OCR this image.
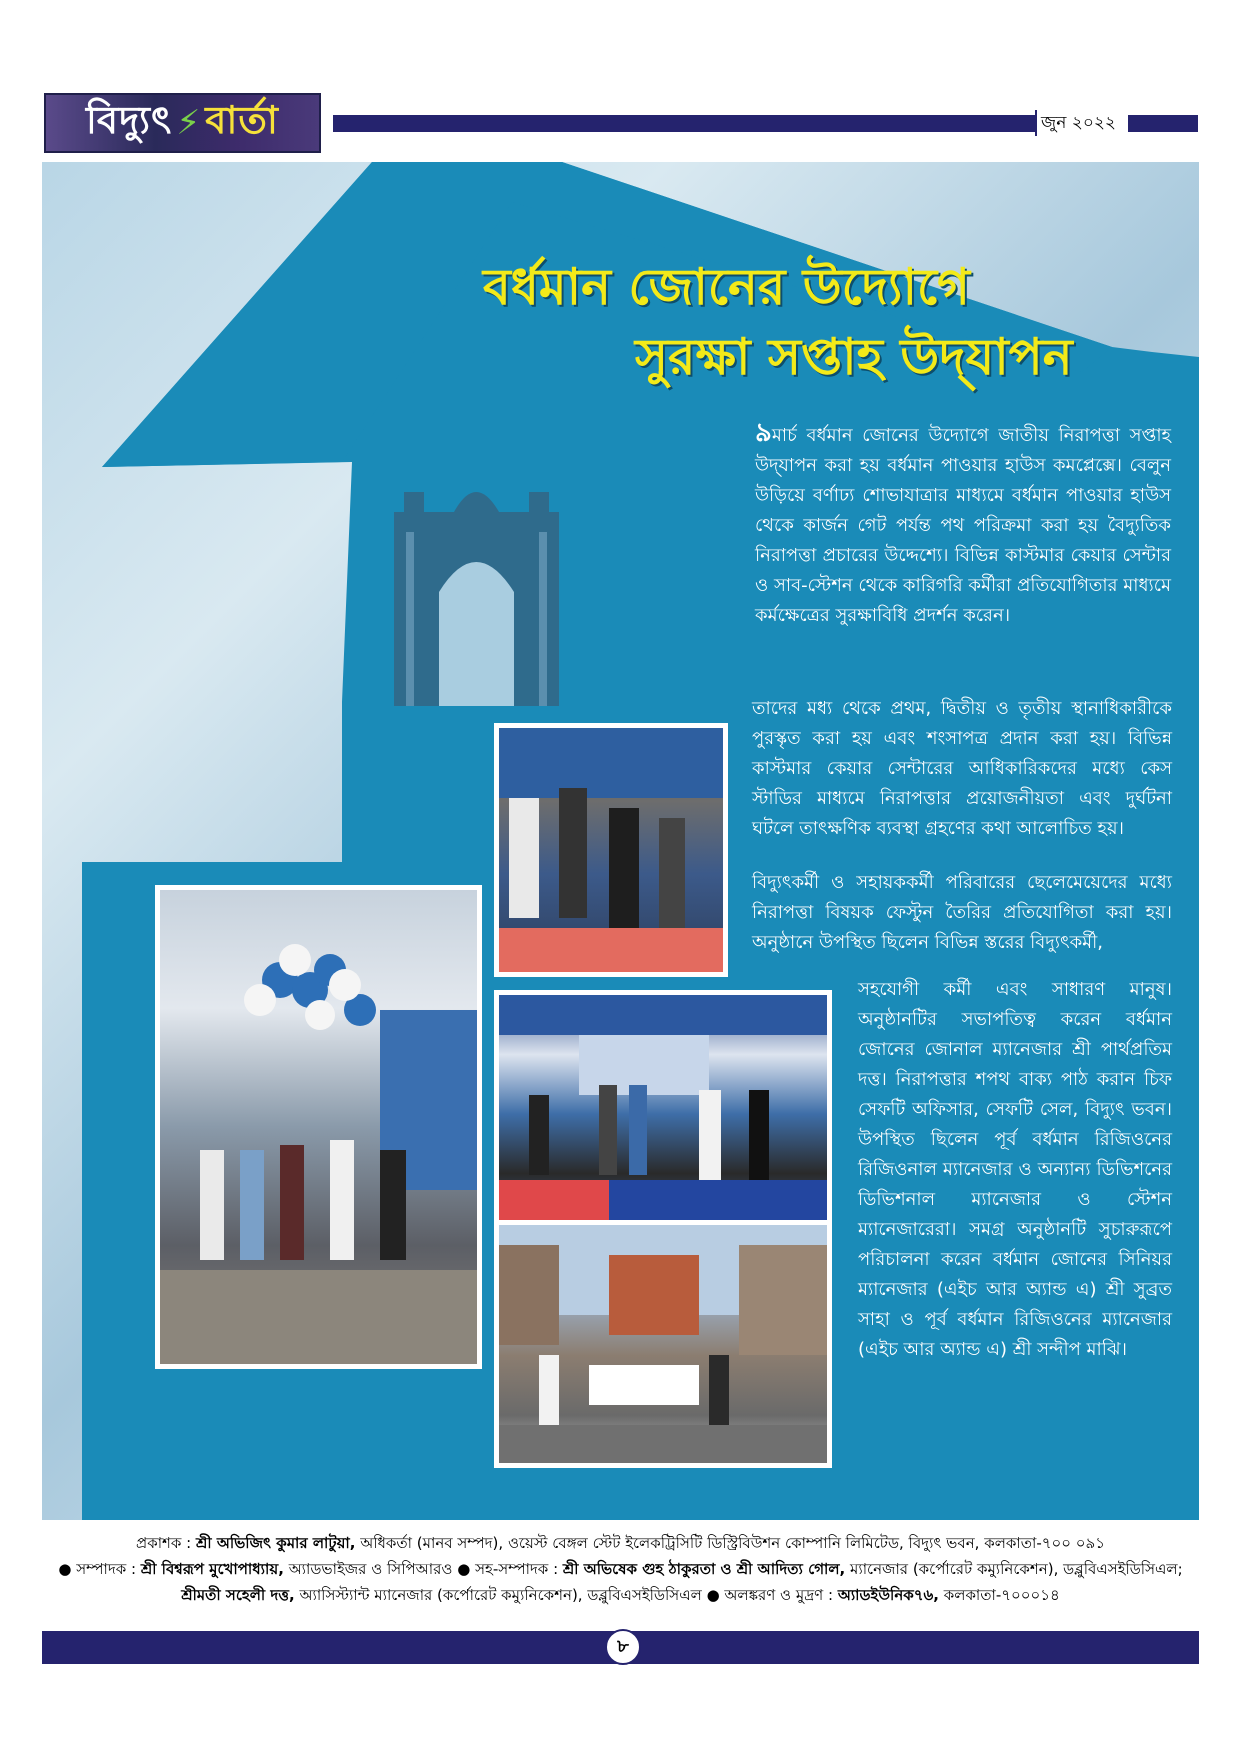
বিদ্যুৎ ⚡ বার্তা	জুন ২০২২
বর্ধমান জোনের উদ্যোগে
সুরক্ষা সপ্তাহ উদ্‌যাপন
৯মার্চ বর্ধমান জোনের উদ্যোগে জাতীয় নিরাপত্তা সপ্তাহ উদ্‌যাপন করা হয় বর্ধমান পাওয়ার হাউস কমপ্লেক্সে। বেলুন উড়িয়ে বর্ণাঢ্য শোভাযাত্রার মাধ্যমে বর্ধমান পাওয়ার হাউস থেকে কার্জন গেট পর্যন্ত পথ পরিক্রমা করা হয় বৈদ্যুতিক নিরাপত্তা প্রচারের উদ্দেশ্যে। বিভিন্ন কাস্টমার কেয়ার সেন্টার ও সাব-স্টেশন থেকে কারিগরি কর্মীরা প্রতিযোগিতার মাধ্যমে কর্মক্ষেত্রের সুরক্ষাবিধি প্রদর্শন করেন।
তাদের মধ্য থেকে প্রথম, দ্বিতীয় ও তৃতীয় স্থানাধিকারীকে পুরস্কৃত করা হয় এবং শংসাপত্র প্রদান করা হয়। বিভিন্ন কাস্টমার কেয়ার সেন্টারের আধিকারিকদের মধ্যে কেস স্টাডির মাধ্যমে নিরাপত্তার প্রয়োজনীয়তা এবং দুর্ঘটনা ঘটলে তাৎক্ষণিক ব্যবস্থা গ্রহণের কথা আলোচিত হয়।
বিদ্যুৎকর্মী ও সহায়ককর্মী পরিবারের ছেলেমেয়েদের মধ্যে নিরাপত্তা বিষয়ক ফেস্টুন তৈরির প্রতিযোগিতা করা হয়। অনুষ্ঠানে উপস্থিত ছিলেন বিভিন্ন স্তরের বিদ্যুৎকর্মী,
সহযোগী কর্মী এবং সাধারণ মানুষ। অনুষ্ঠানটির সভাপতিত্ব করেন বর্ধমান জোনের জোনাল ম্যানেজার শ্রী পার্থপ্রতিম দত্ত। নিরাপত্তার শপথ বাক্য পাঠ করান চিফ সেফটি অফিসার, সেফটি সেল, বিদ্যুৎ ভবন। উপস্থিত ছিলেন পূর্ব বর্ধমান রিজিওনের রিজিওনাল ম্যানেজার ও অন্যান্য ডিভিশনের ডিভিশনাল ম্যানেজার ও স্টেশন ম্যানেজারেরা। সমগ্র অনুষ্ঠানটি সুচারুরূপে পরিচালনা করেন বর্ধমান জোনের সিনিয়র ম্যানেজার (এইচ আর অ্যান্ড এ) শ্রী সুব্রত সাহা ও পূর্ব বর্ধমান রিজিওনের ম্যানেজার (এইচ আর অ্যান্ড এ) শ্রী সন্দীপ মাঝি।
প্রকাশক : শ্রী অভিজিৎ কুমার লাটুয়া, অধিকর্তা (মানব সম্পদ), ওয়েস্ট বেঙ্গল স্টেট ইলেকট্রিসিটি ডিস্ট্রিবিউশন কোম্পানি লিমিটেড, বিদ্যুৎ ভবন, কলকাতা-৭০০ ০৯১
● সম্পাদক : শ্রী বিশ্বরূপ মুখোপাধ্যায়, অ্যাডভাইজর ও সিপিআরও ● সহ-সম্পাদক : শ্রী অভিষেক গুহ ঠাকুরতা ও শ্রী আদিত্য গোল, ম্যানেজার (কর্পোরেট কম্যুনিকেশন), ডব্লুবিএসইডিসিএল;
শ্রীমতী সহেলী দত্ত, অ্যাসিস্ট্যান্ট ম্যানেজার (কর্পোরেট কম্যুনিকেশন), ডব্লুবিএসইডিসিএল ● অলঙ্করণ ও মুদ্রণ : অ্যাডইউনিক৭৬, কলকাতা-৭০০০১৪
৮
